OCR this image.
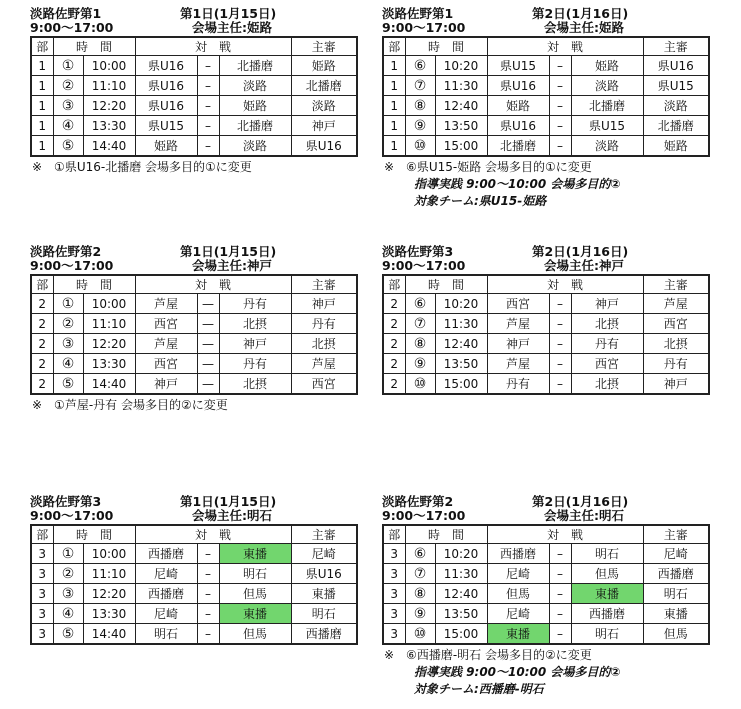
淡路佐野第1
9:00～17:00
第1日(1月15日)
会場主任:姫路
部	時　間		対　戦			主審
1	①	10:00	県U16	–	北播磨	姫路
1	②	11:10	県U16	–	淡路	北播磨
1	③	12:20	県U16	–	姫路	淡路
1	④	13:30	県U15	–	北播磨	神戸
1	⑤	14:40	姫路	–	淡路	県U16
※　①県U16-北播磨 会場多目的①に変更
淡路佐野第1
9:00～17:00
第2日(1月16日)
会場主任:姫路
部	時　間		対　戦			主審
1	⑥	10:20	県U15	–	姫路	県U16
1	⑦	11:30	県U16	–	淡路	県U15
1	⑧	12:40	姫路	–	北播磨	淡路
1	⑨	13:50	県U16	–	県U15	北播磨
1	⑩	15:00	北播磨	–	淡路	姫路
※　⑥県U15-姫路 会場多目的①に変更
指導実践 9:00～10:00 会場多目的②
対象チーム:県U15-姫路
淡路佐野第2
9:00～17:00
第1日(1月15日)
会場主任:神戸
部	時　間		対　戦			主審
2	①	10:00	芦屋	—	丹有	神戸
2	②	11:10	西宮	—	北摂	丹有
2	③	12:20	芦屋	—	神戸	北摂
2	④	13:30	西宮	—	丹有	芦屋
2	⑤	14:40	神戸	—	北摂	西宮
※　①芦屋-丹有 会場多目的②に変更
淡路佐野第3
9:00～17:00
第2日(1月16日)
会場主任:神戸
部	時　間		対　戦			主審
2	⑥	10:20	西宮	–	神戸	芦屋
2	⑦	11:30	芦屋	–	北摂	西宮
2	⑧	12:40	神戸	–	丹有	北摂
2	⑨	13:50	芦屋	–	西宮	丹有
2	⑩	15:00	丹有	–	北摂	神戸
淡路佐野第3
9:00～17:00
第1日(1月15日)
会場主任:明石
部	時　間		対　戦			主審
3	①	10:00	西播磨	–	東播	尼崎
3	②	11:10	尼崎	–	明石	県U16
3	③	12:20	西播磨	–	但馬	東播
3	④	13:30	尼崎	–	東播	明石
3	⑤	14:40	明石	–	但馬	西播磨
淡路佐野第2
9:00～17:00
第2日(1月16日)
会場主任:明石
部	時　間		対　戦			主審
3	⑥	10:20	西播磨	–	明石	尼崎
3	⑦	11:30	尼崎	–	但馬	西播磨
3	⑧	12:40	但馬	–	東播	明石
3	⑨	13:50	尼崎	–	西播磨	東播
3	⑩	15:00	東播	–	明石	但馬
※　⑥西播磨-明石 会場多目的②に変更
指導実践 9:00～10:00 会場多目的②
対象チーム:西播磨-明石
